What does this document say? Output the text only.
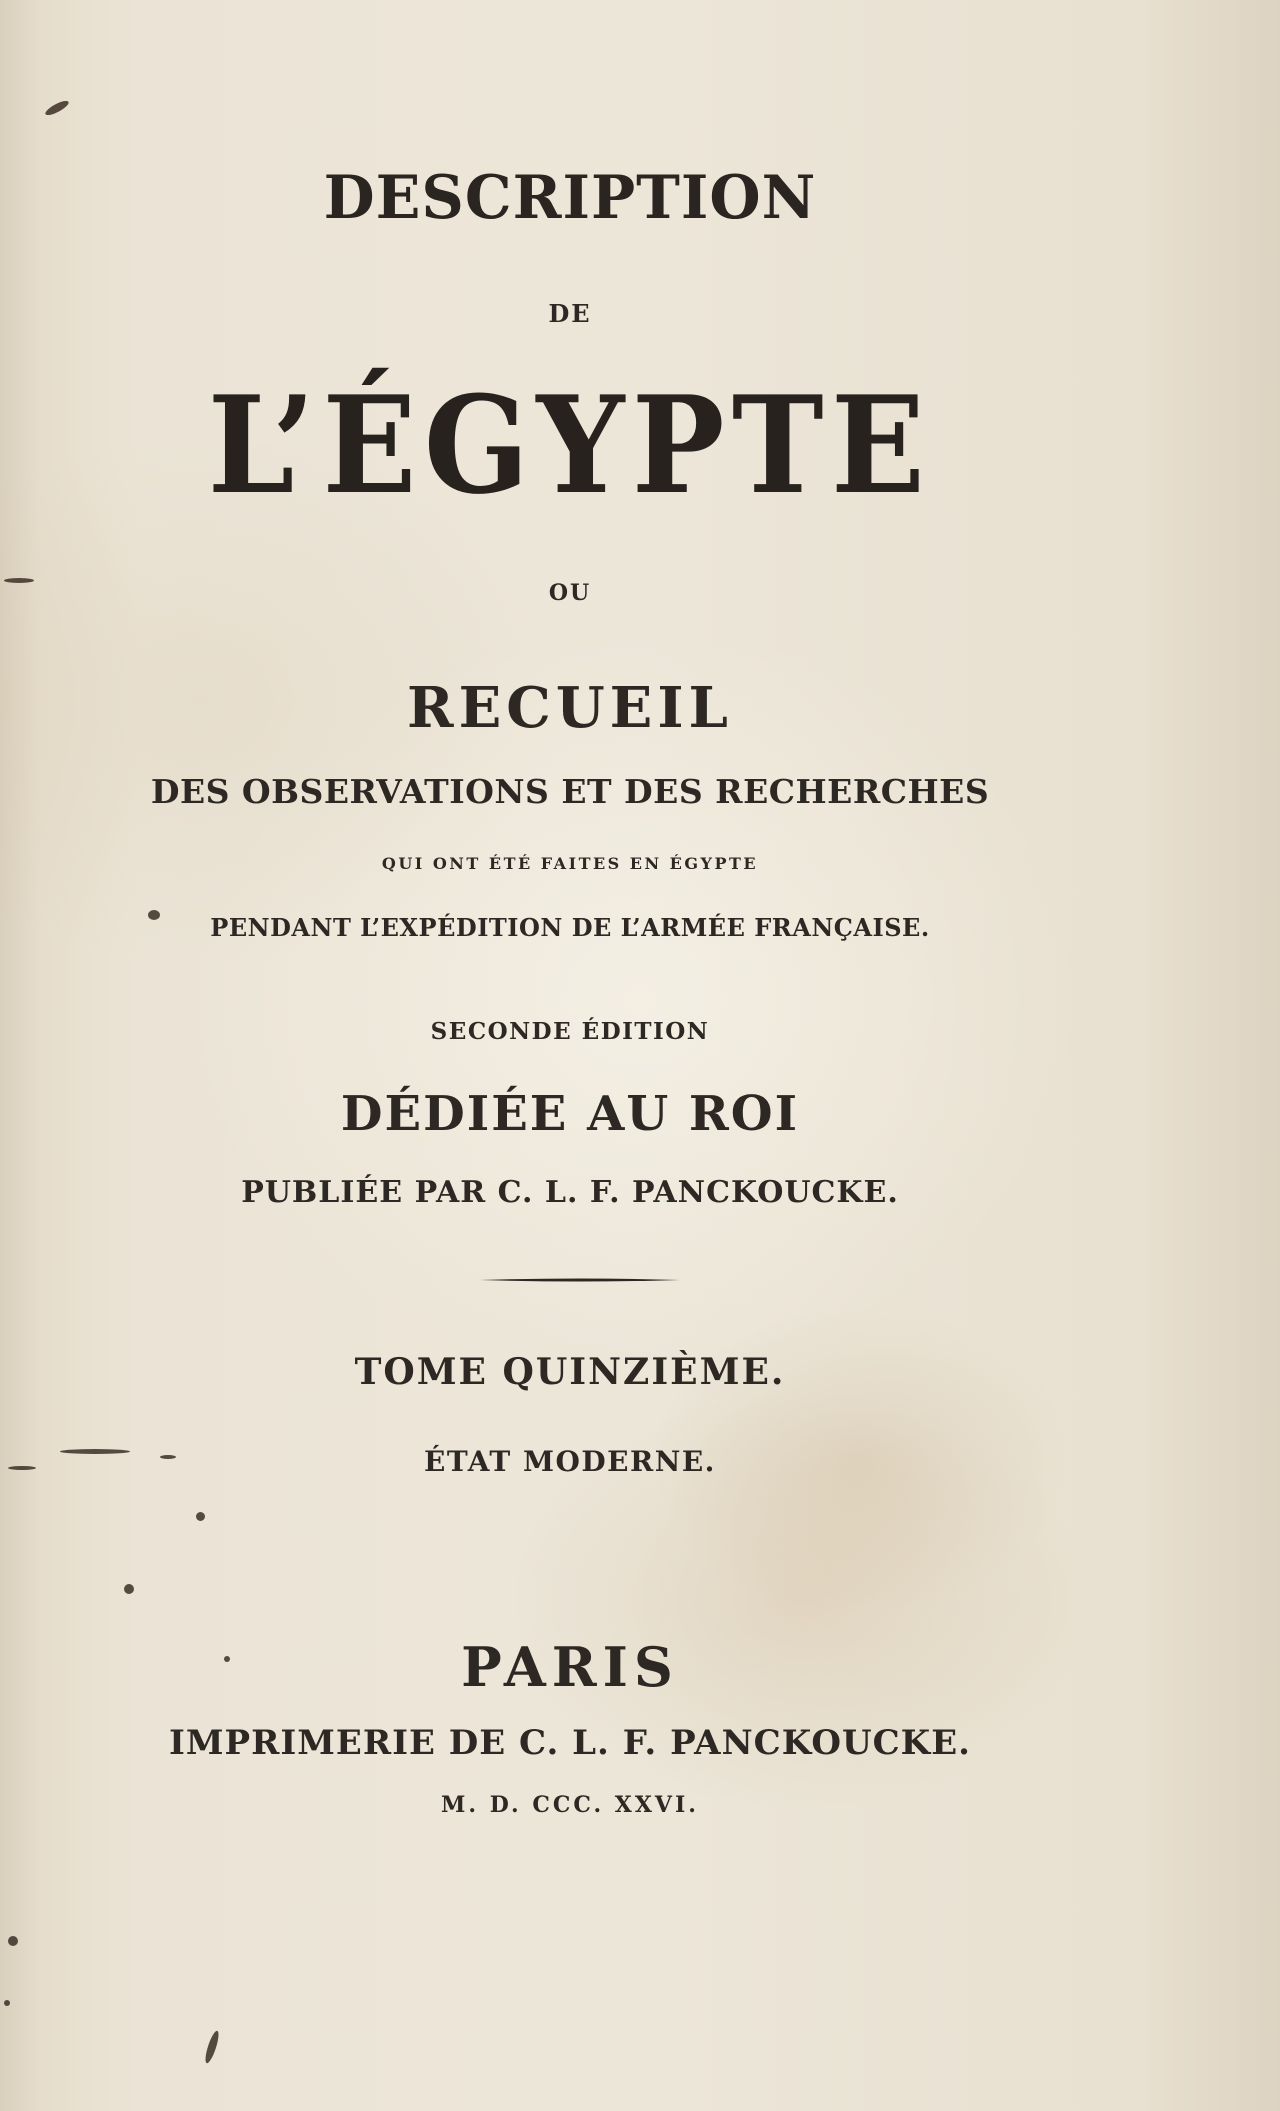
DESCRIPTION
DE
L’ÉGYPTE
OU
RECUEIL
DES OBSERVATIONS ET DES RECHERCHES
QUI ONT ÉTÉ FAITES EN ÉGYPTE
PENDANT L’EXPÉDITION DE L’ARMÉE FRANÇAISE.
SECONDE ÉDITION
DÉDIÉE AU ROI
PUBLIÉE PAR C. L. F. PANCKOUCKE.
TOME QUINZIÈME.
ÉTAT MODERNE.
PARIS
IMPRIMERIE DE C. L. F. PANCKOUCKE.
M. D. CCC. XXVI.
